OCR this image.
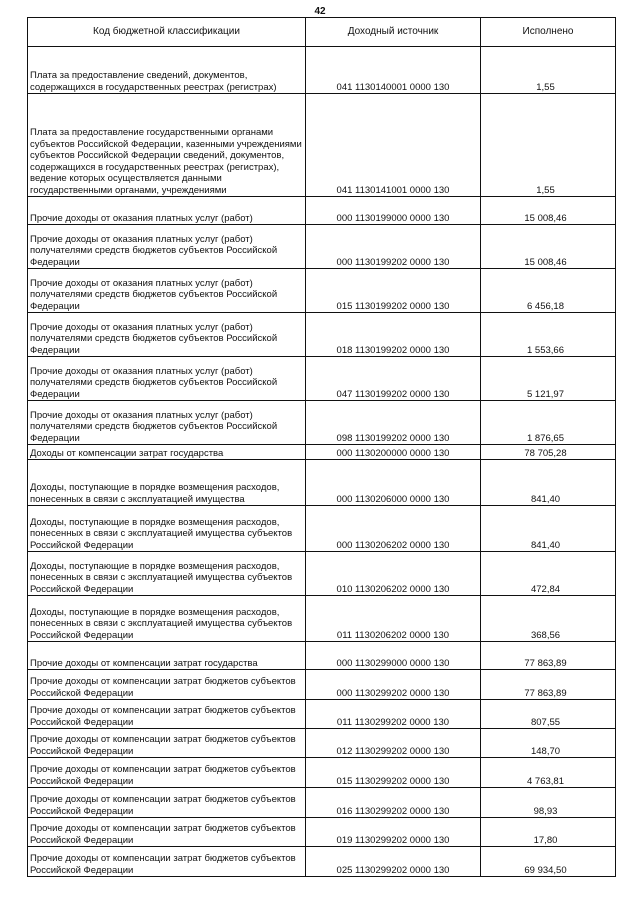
42
Код бюджетной классификации	Доходный источник	Исполнено
Плата за предоставление сведений, документов, содержащихся в государственных реестрах (регистрах)	041 1130140001 0000 130	1,55
Плата за предоставление государственными органами субъектов Российской Федерации, казенными учреждениями субъектов Российской Федерации сведений, документов, содержащихся в государственных реестрах (регистрах), ведение которых осуществляется данными государственными органами, учреждениями	041 1130141001 0000 130	1,55
Прочие доходы от оказания платных услуг (работ)	000 1130199000 0000 130	15 008,46
Прочие доходы от оказания платных услуг (работ) получателями средств бюджетов субъектов Российской Федерации	000 1130199202 0000 130	15 008,46
Прочие доходы от оказания платных услуг (работ) получателями средств бюджетов субъектов Российской Федерации	015 1130199202 0000 130	6 456,18
Прочие доходы от оказания платных услуг (работ) получателями средств бюджетов субъектов Российской Федерации	018 1130199202 0000 130	1 553,66
Прочие доходы от оказания платных услуг (работ) получателями средств бюджетов субъектов Российской Федерации	047 1130199202 0000 130	5 121,97
Прочие доходы от оказания платных услуг (работ) получателями средств бюджетов субъектов Российской Федерации	098 1130199202 0000 130	1 876,65
Доходы от компенсации затрат государства	000 1130200000 0000 130	78 705,28
Доходы, поступающие в порядке возмещения расходов, понесенных в связи с эксплуатацией имущества	000 1130206000 0000 130	841,40
Доходы, поступающие в порядке возмещения расходов, понесенных в связи с эксплуатацией имущества субъектов Российской Федерации	000 1130206202 0000 130	841,40
Доходы, поступающие в порядке возмещения расходов, понесенных в связи с эксплуатацией имущества субъектов Российской Федерации	010 1130206202 0000 130	472,84
Доходы, поступающие в порядке возмещения расходов, понесенных в связи с эксплуатацией имущества субъектов Российской Федерации	011 1130206202 0000 130	368,56
Прочие доходы от компенсации затрат государства	000 1130299000 0000 130	77 863,89
Прочие доходы от компенсации затрат бюджетов субъектов Российской Федерации	000 1130299202 0000 130	77 863,89
Прочие доходы от компенсации затрат бюджетов субъектов Российской Федерации	011 1130299202 0000 130	807,55
Прочие доходы от компенсации затрат бюджетов субъектов Российской Федерации	012 1130299202 0000 130	148,70
Прочие доходы от компенсации затрат бюджетов субъектов Российской Федерации	015 1130299202 0000 130	4 763,81
Прочие доходы от компенсации затрат бюджетов субъектов Российской Федерации	016 1130299202 0000 130	98,93
Прочие доходы от компенсации затрат бюджетов субъектов Российской Федерации	019 1130299202 0000 130	17,80
Прочие доходы от компенсации затрат бюджетов субъектов Российской Федерации	025 1130299202 0000 130	69 934,50
